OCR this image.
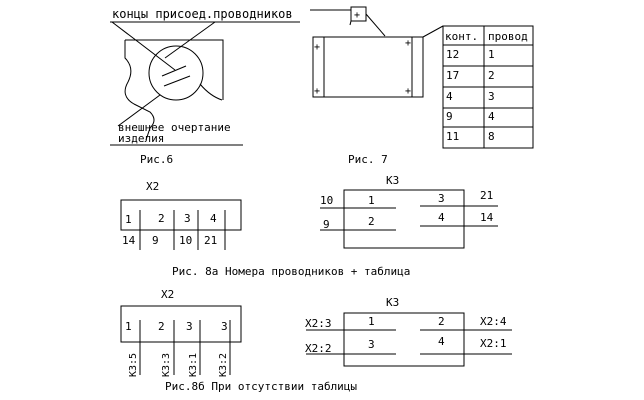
концы присоед.проводников
внешнее очертание
изделия
Рис.6
+
+
+
+
+
конт. провод
12	1
17	2
4	3
9	4
11	8
Рис. 7
X2
1 2 3 4
14 9 10 21
K3
1
2
3
4
10
9
21
14
Рис. 8а Номера проводников + таблица
X2
1 2 3	3
K3:5 K3:3 K3:1 K3:2
K3
1
3
2
4
X2:3
X2:2
X2:4
X2:1
Рис.8б При отсутствии таблицы
